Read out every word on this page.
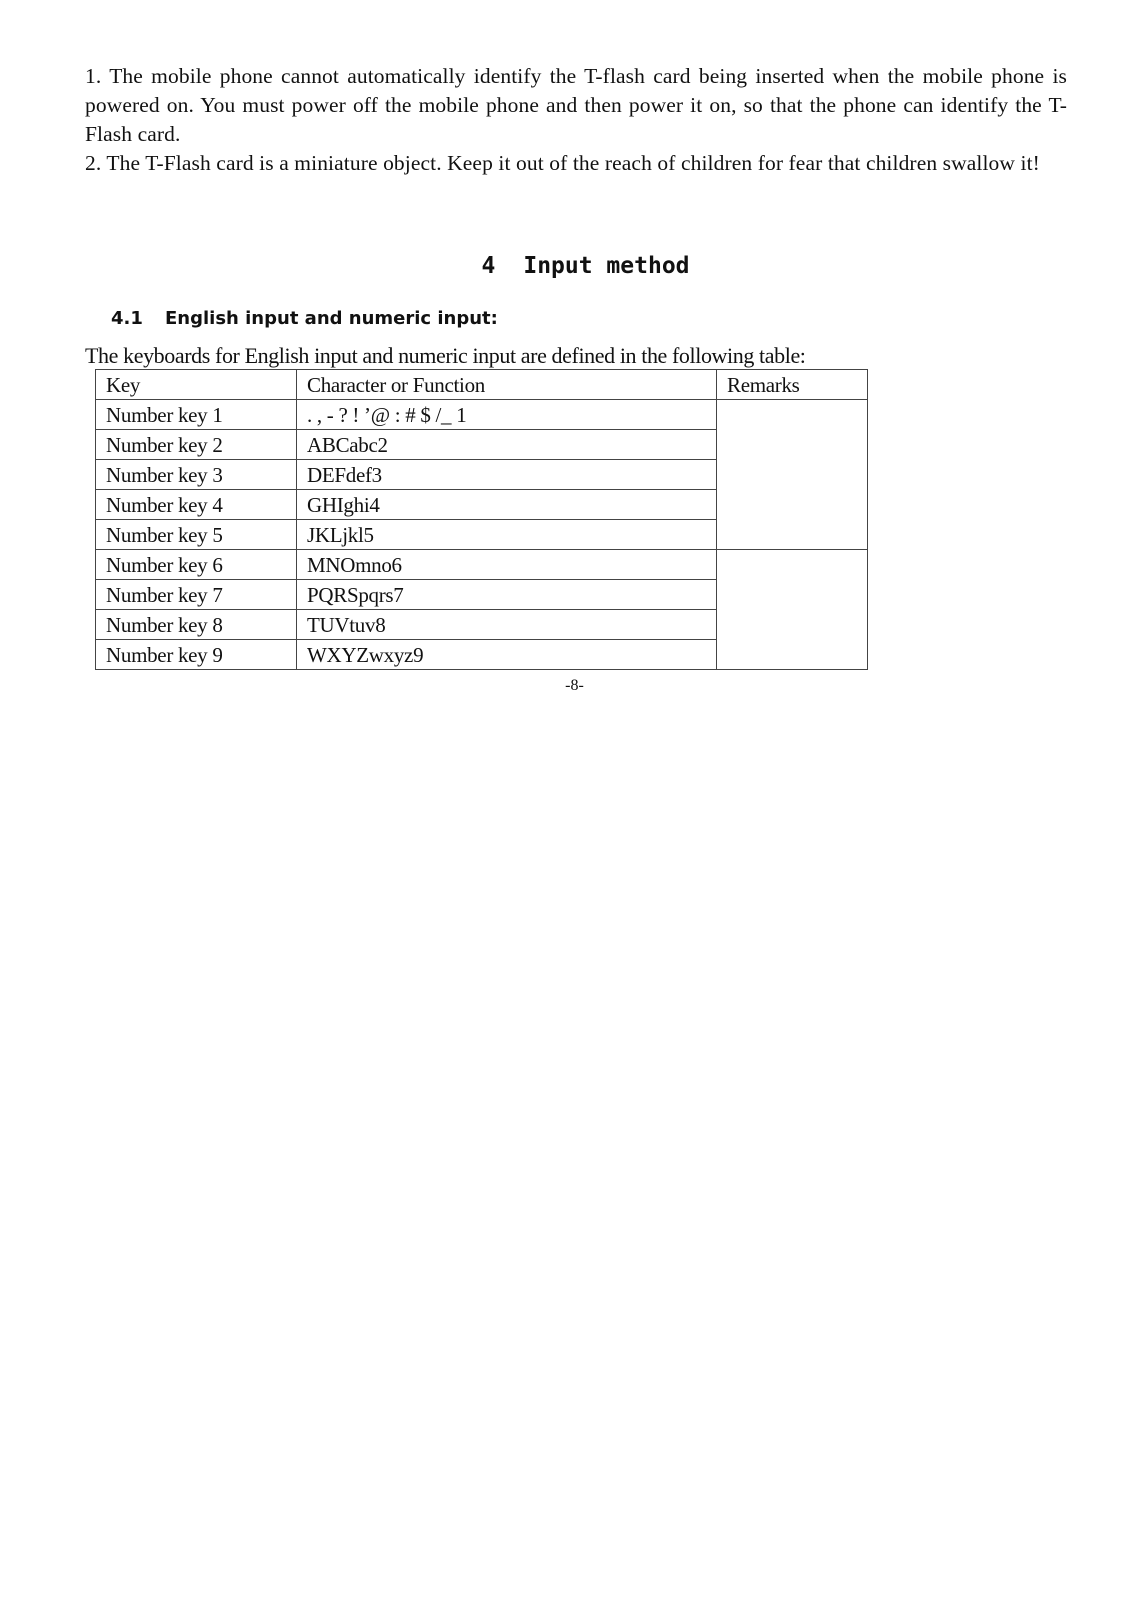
1. The mobile phone cannot automatically identify the T-flash card being inserted when the mobile phone is powered on. You must power off the mobile phone and then power it on, so that the phone can identify the T-Flash card.

2. The T-Flash card is a miniature object. Keep it out of the reach of children for fear that children swallow it!

4 Input method
4.1 English input and numeric input:
The keyboards for English input and numeric input are defined in the following table:
Key	Character or Function	Remarks
Number key 1	. , - ? ! ’@ : # $ /_ 1	
Number key 2	ABCabc2	
Number key 3	DEFdef3	
Number key 4	GHIghi4	
Number key 5	JKLjkl5	
Number key 6	MNOmno6	
Number key 7	PQRSpqrs7	
Number key 8	TUVtuv8	
Number key 9	WXYZwxyz9	
-8-
